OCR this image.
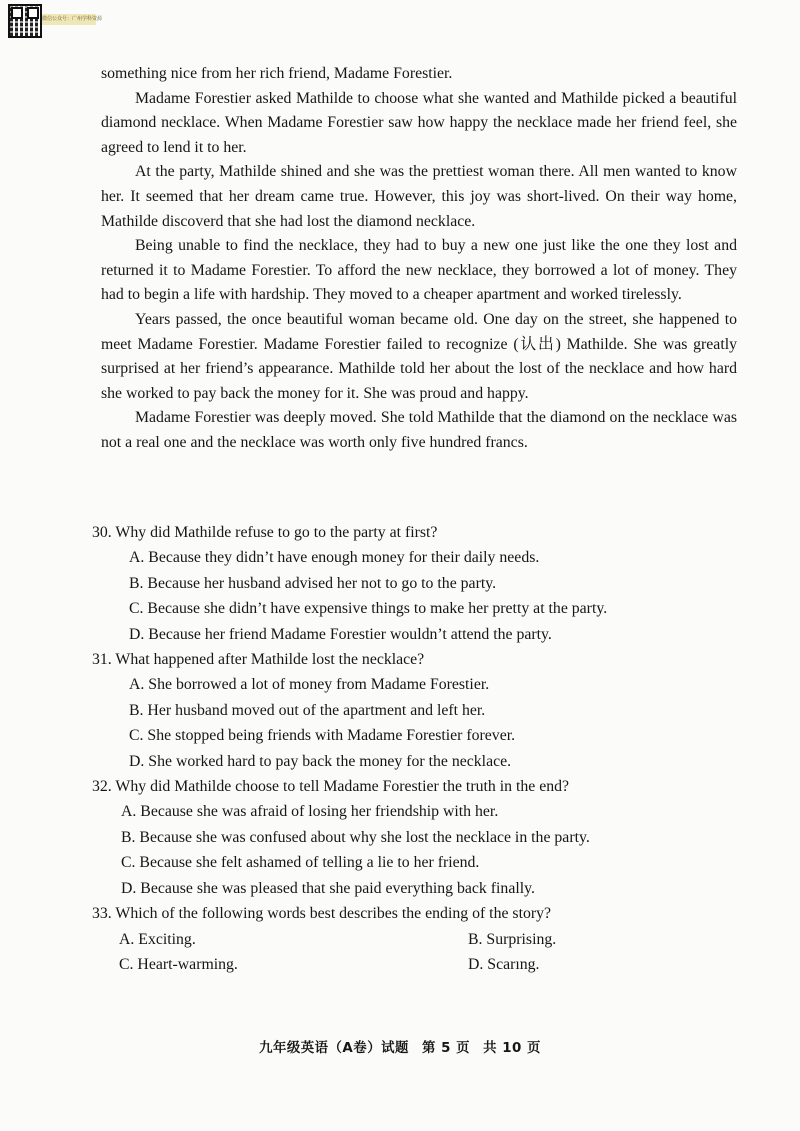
微信公众号：广州学科资源

something nice from her rich friend, Madame Forestier.

Madame Forestier asked Mathilde to choose what she wanted and Mathilde picked a beautiful diamond necklace. When Madame Forestier saw how happy the necklace made her friend feel, she agreed to lend it to her.

At the party, Mathilde shined and she was the prettiest woman there. All men wanted to know her. It seemed that her dream came true. However, this joy was short-lived. On their way home, Mathilde discoverd that she had lost the diamond necklace.

Being unable to find the necklace, they had to buy a new one just like the one they lost and returned it to Madame Forestier. To afford the new necklace, they borrowed a lot of money. They had to begin a life with hardship. They moved to a cheaper apartment and worked tirelessly.

Years passed, the once beautiful woman became old. One day on the street, she happened to meet Madame Forestier. Madame Forestier failed to recognize (认出) Mathilde. She was greatly surprised at her friend’s appearance. Mathilde told her about the lost of the necklace and how hard she worked to pay back the money for it. She was proud and happy.

Madame Forestier was deeply moved. She told Mathilde that the diamond on the necklace was not a real one and the necklace was worth only five hundred francs.

30. Why did Mathilde refuse to go to the party at first?

A. Because they didn’t have enough money for their daily needs.

B. Because her husband advised her not to go to the party.

C. Because she didn’t have expensive things to make her pretty at the party.

D. Because her friend Madame Forestier wouldn’t attend the party.

31. What happened after Mathilde lost the necklace?

A. She borrowed a lot of money from Madame Forestier.

B. Her husband moved out of the apartment and left her.

C. She stopped being friends with Madame Forestier forever.

D. She worked hard to pay back the money for the necklace.

32. Why did Mathilde choose to tell Madame Forestier the truth in the end?

A. Because she was afraid of losing her friendship with her.

B. Because she was confused about why she lost the necklace in the party.

C. Because she felt ashamed of telling a lie to her friend.

D. Because she was pleased that she paid everything back finally.

33. Which of the following words best describes the ending of the story?

A. Exciting.	B. Surprising.
C. Heart-warming.	D. Scarıng.
九年级英语（A卷）试题 第 5 页 共 10 页
